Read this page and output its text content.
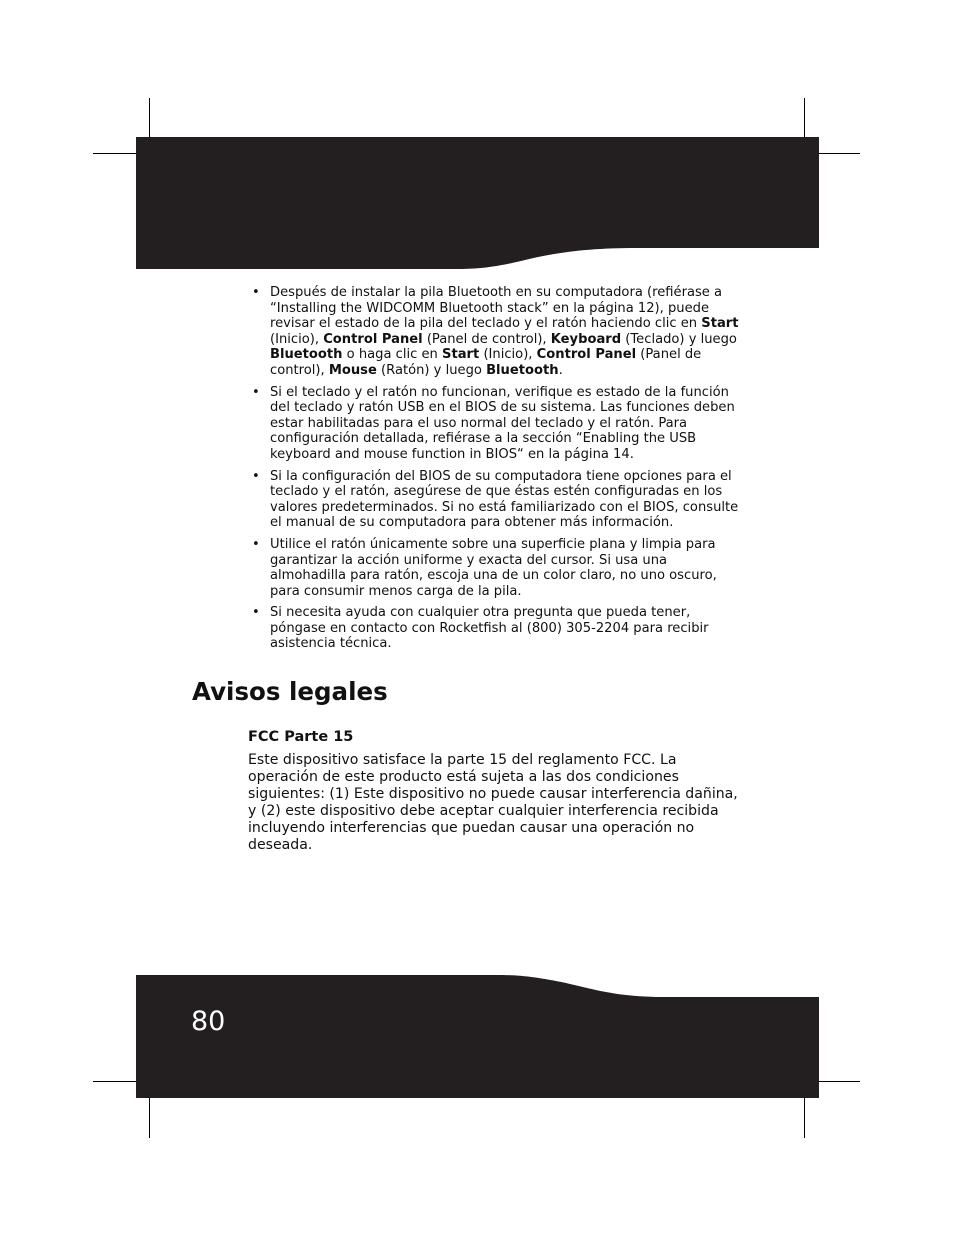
• Después de instalar la pila Bluetooth en su computadora (refiérase a “Installing the WIDCOMM Bluetooth stack” en la página 12), puede revisar el estado de la pila del teclado y el ratón haciendo clic en Start (Inicio), Control Panel (Panel de control), Keyboard (Teclado) y luego Bluetooth o haga clic en Start (Inicio), Control Panel (Panel de control), Mouse (Ratón) y luego Bluetooth.
• Si el teclado y el ratón no funcionan, verifique es estado de la función del teclado y ratón USB en el BIOS de su sistema. Las funciones deben estar habilitadas para el uso normal del teclado y el ratón. Para configuración detallada, refiérase a la sección “Enabling the USB keyboard and mouse function in BIOS“ en la página 14.
• Si la configuración del BIOS de su computadora tiene opciones para el teclado y el ratón, asegúrese de que éstas estén configuradas en los valores predeterminados. Si no está familiarizado con el BIOS, consulte el manual de su computadora para obtener más información.
• Utilice el ratón únicamente sobre una superficie plana y limpia para garantizar la acción uniforme y exacta del cursor. Si usa una almohadilla para ratón, escoja una de un color claro, no uno oscuro, para consumir menos carga de la pila.
• Si necesita ayuda con cualquier otra pregunta que pueda tener, póngase en contacto con Rocketfish al (800) 305-2204 para recibir asistencia técnica.
Avisos legales
FCC Parte 15

Este dispositivo satisface la parte 15 del reglamento FCC. La operación de este producto está sujeta a las dos condiciones siguientes: (1) Este dispositivo no puede causar interferencia dañina, y (2) este dispositivo debe aceptar cualquier interferencia recibida incluyendo interferencias que puedan causar una operación no deseada.

80
